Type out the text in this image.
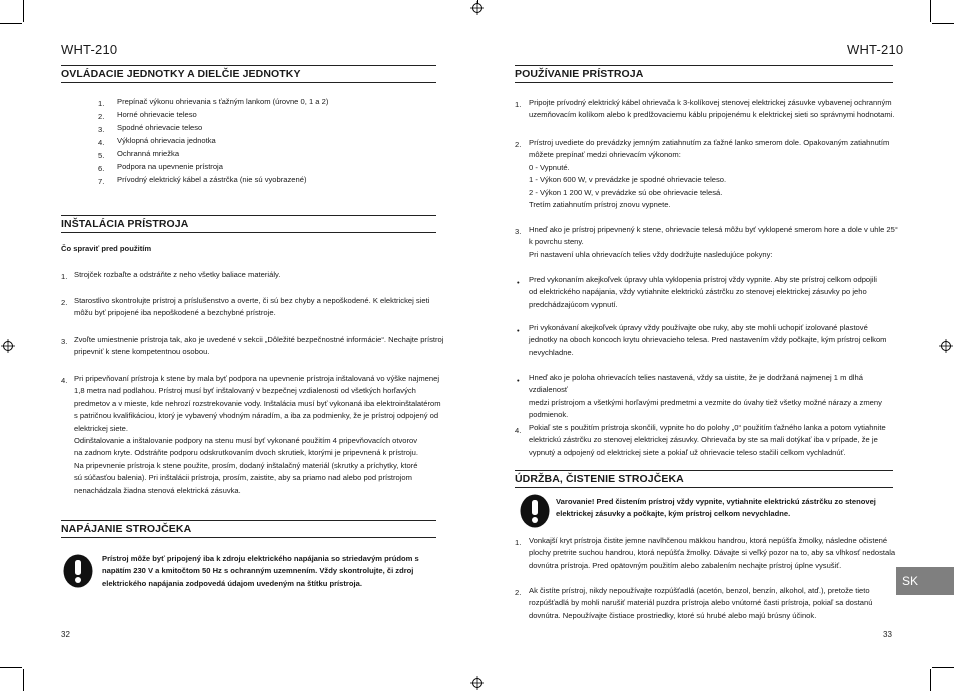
WHT-210
OVLÁDACIE JEDNOTKY A DIELČIE JEDNOTKY
1. Prepínač výkonu ohrievania s ťažným lankom (úrovne 0, 1 a 2)
2. Horné ohrievacie teleso
3. Spodné ohrievacie teleso
4. Výklopná ohrievacia jednotka
5. Ochranná mriežka
6. Podpora na upevnenie prístroja
7. Prívodný elektrický kábel a zástrčka (nie sú vyobrazené)
INŠTALÁCIA PRÍSTROJA
Čo spraviť pred použitím
1. Strojček rozbaľte a odstráňte z neho všetky baliace materiály.

2. Starostlivo skontrolujte prístroj a príslušenstvo a overte, či sú bez chyby a nepoškodené. K elektrickej sieti

môžu byť pripojené iba nepoškodené a bezchybné prístroje.

3. Zvoľte umiestnenie prístroja tak, ako je uvedené v sekcii „Dôležité bezpečnostné informácie“. Nechajte prístroj

pripevniť k stene kompetentnou osobou.

4. Pri pripevňovaní prístroja k stene by mala byť podpora na upevnenie prístroja inštalovaná vo výške najmenej

1,8 metra nad podlahou. Prístroj musí byť inštalovaný v bezpečnej vzdialenosti od všetkých horľavých

predmetov a v mieste, kde nehrozí rozstrekovanie vody. Inštalácia musí byť vykonaná iba elektroinštalatérom

s patričnou kvalifikáciou, ktorý je vybavený vhodným náradím, a iba za podmienky, že je prístroj odpojený od

elektrickej siete.

Odinštalovanie a inštalovanie podpory na stenu musí byť vykonané použitím 4 pripevňovacích otvorov

na zadnom kryte. Odstráňte podporu odskrutkovaním dvoch skrutiek, ktorými je pripevnená k prístroju.

Na pripevnenie prístroja k stene použite, prosím, dodaný inštalačný materiál (skrutky a príchytky, ktoré

sú súčasťou balenia). Pri inštalácii prístroja, prosím, zaistite, aby sa priamo nad alebo pod prístrojom

nenachádzala žiadna stenová elektrická zásuvka.

NAPÁJANIE STROJČEKA

Prístroj môže byť pripojený iba k zdroju elektrického napájania so striedavým prúdom s

napätím 230 V a kmitočtom 50 Hz s ochranným uzemnením. Vždy skontrolujte, či zdroj

elektrického napájania zodpovedá údajom uvedeným na štítku prístroja.

32
WHT-210
POUŽÍVANIE PRÍSTROJA
1. Pripojte prívodný elektrický kábel ohrievača k 3-kolíkovej stenovej elektrickej zásuvke vybavenej ochranným

uzemňovacím kolíkom alebo k predlžovaciemu káblu pripojenému k elektrickej sieti so správnymi hodnotami.

2. Prístroj uvediete do prevádzky jemným zatiahnutím za ťažné lanko smerom dole. Opakovaným zatiahnutím

môžete prepínať medzi ohrievacím výkonom:

0 - Vypnuté.

1 - Výkon 600 W, v prevádzke je spodné ohrievacie teleso.

2 - Výkon 1 200 W, v prevádzke sú obe ohrievacie telesá.

Tretím zatiahnutím prístroj znovu vypnete.

3. Hneď ako je prístroj pripevnený k stene, ohrievacie telesá môžu byť vyklopené smerom hore a dole v uhle 25°

k povrchu steny.

Pri nastavení uhla ohrievacích telies vždy dodržujte nasledujúce pokyny:

• Pred vykonaním akejkoľvek úpravy uhla vyklopenia prístroj vždy vypnite. Aby ste prístroj celkom odpojili

od elektrického napájania, vždy vytiahnite elektrickú zástrčku zo stenovej elektrickej zásuvky po jeho

predchádzajúcom vypnutí.

• Pri vykonávaní akejkoľvek úpravy vždy používajte obe ruky, aby ste mohli uchopiť izolované plastové

jednotky na oboch koncoch krytu ohrievacieho telesa. Pred nastavením vždy počkajte, kým prístroj celkom

nevychladne.

• Hneď ako je poloha ohrievacích telies nastavená, vždy sa uistite, že je dodržaná najmenej 1 m dlhá vzdialenosť

medzi prístrojom a všetkými horľavými predmetmi a vezmite do úvahy tiež všetky možné nárazy a zmeny

podmienok.

4. Pokiaľ ste s použitím prístroja skončili, vypnite ho do polohy „0“ použitím ťažného lanka a potom vytiahnite

elektrickú zástrčku zo stenovej elektrickej zásuvky. Ohrievača by ste sa mali dotýkať iba v prípade, že je

vypnutý a odpojený od elektrickej siete a pokiaľ už ohrievacie teleso stačili celkom vychladnúť.

ÚDRŽBA, ČISTENIE STROJČEKA

Varovanie! Pred čistením prístroj vždy vypnite, vytiahnite elektrickú zástrčku zo stenovej

elektrickej zásuvky a počkajte, kým prístroj celkom nevychladne.

1. Vonkajší kryt prístroja čistite jemne navlhčenou mäkkou handrou, ktorá nepúšťa žmolky, následne očistené

plochy pretrite suchou handrou, ktorá nepúšťa žmolky. Dávajte si veľký pozor na to, aby sa vlhkosť nedostala

dovnútra prístroja. Pred opätovným použitím alebo zabalením nechajte prístroj úplne vysušiť.

2. Ak čistíte prístroj, nikdy nepoužívajte rozpúšťadlá (acetón, benzol, benzín, alkohol, atď.), pretože tieto

rozpúšťadlá by mohli narušiť materiál puzdra prístroja alebo vnútorné časti prístroja, pokiaľ sa dostanú

dovnútra. Nepoužívajte čistiace prostriedky, ktoré sú hrubé alebo majú brúsny účinok.

33
SK
